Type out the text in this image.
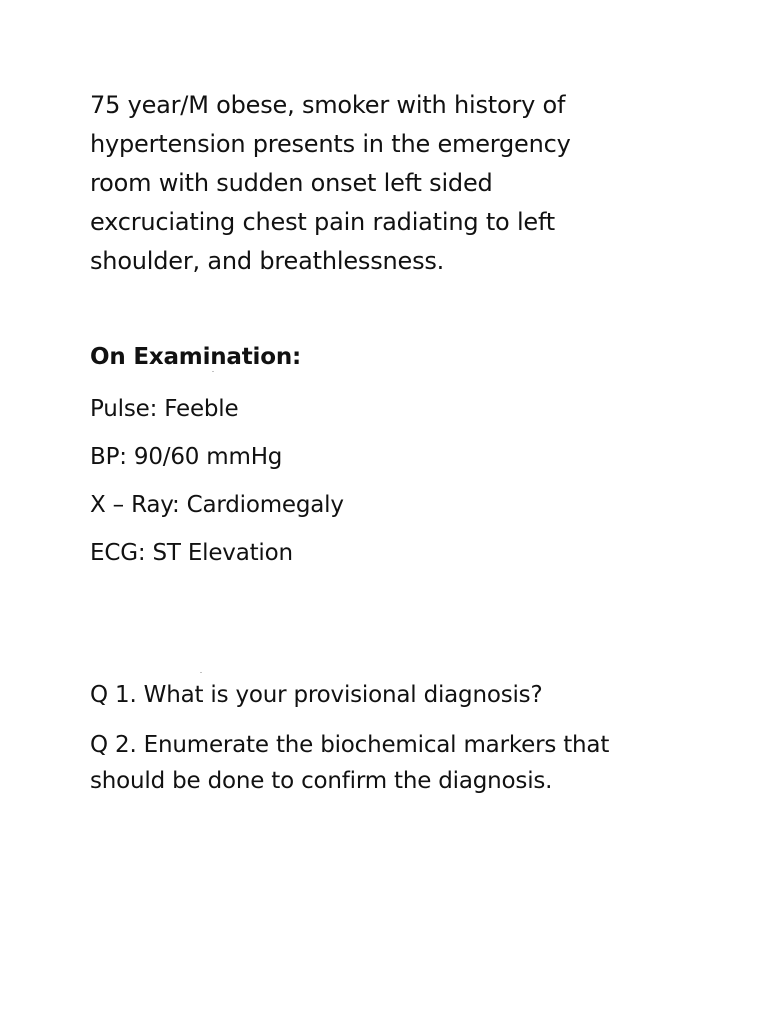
75 year/M obese, smoker with history of
hypertension presents in the emergency
room with sudden onset left sided
excruciating chest pain radiating to left
shoulder, and breathlessness.

On Examination:
Pulse: Feeble
BP: 90/60 mmHg
X – Ray: Cardiomegaly
ECG: ST Elevation
Q 1. What is your provisional diagnosis?
Q 2. Enumerate the biochemical markers that
should be done to confirm the diagnosis.
